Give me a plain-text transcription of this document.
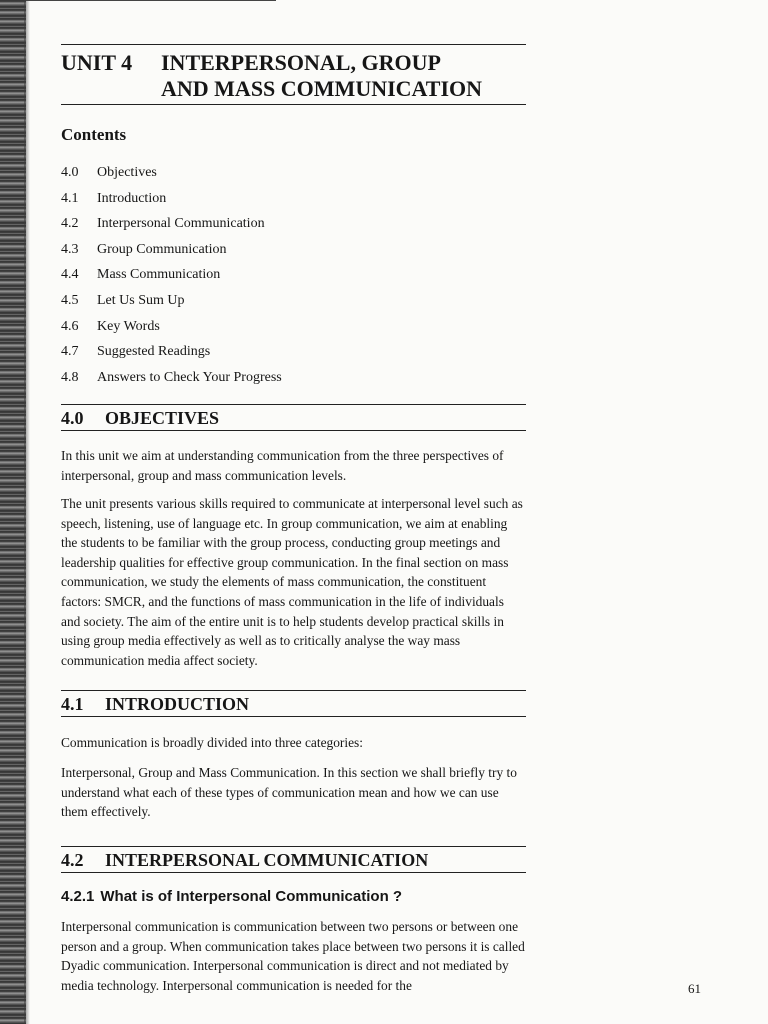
UNIT 4 INTERPERSONAL, GROUP
AND MASS COMMUNICATION
Contents
4.0 Objectives
4.1 Introduction
4.2 Interpersonal Communication
4.3 Group Communication
4.4 Mass Communication
4.5 Let Us Sum Up
4.6 Key Words
4.7 Suggested Readings
4.8 Answers to Check Your Progress
4.0 OBJECTIVES

In this unit we aim at understanding communication from the three perspectives of interpersonal, group and mass communication levels.

The unit presents various skills required to communicate at interpersonal level such as speech, listening, use of language etc. In group communication, we aim at enabling the students to be familiar with the group process, conducting group meetings and leadership qualities for effective group communication. In the final section on mass communication, we study the elements of mass communication, the constituent factors: SMCR, and the functions of mass communication in the life of individuals and society. The aim of the entire unit is to help students develop practical skills in using group media effectively as well as to critically analyse the way mass communication media affect society.

4.1 INTRODUCTION

Communication is broadly divided into three categories:

Interpersonal, Group and Mass Communication. In this section we shall briefly try to understand what each of these types of communication mean and how we can use them effectively.

4.2 INTERPERSONAL COMMUNICATION
4.2.1 What is of Interpersonal Communication ?

Interpersonal communication is communication between two persons or between one person and a group. When communication takes place between two persons it is called Dyadic communication. Interpersonal communication is direct and not mediated by media technology. Interpersonal communication is needed for the	61
